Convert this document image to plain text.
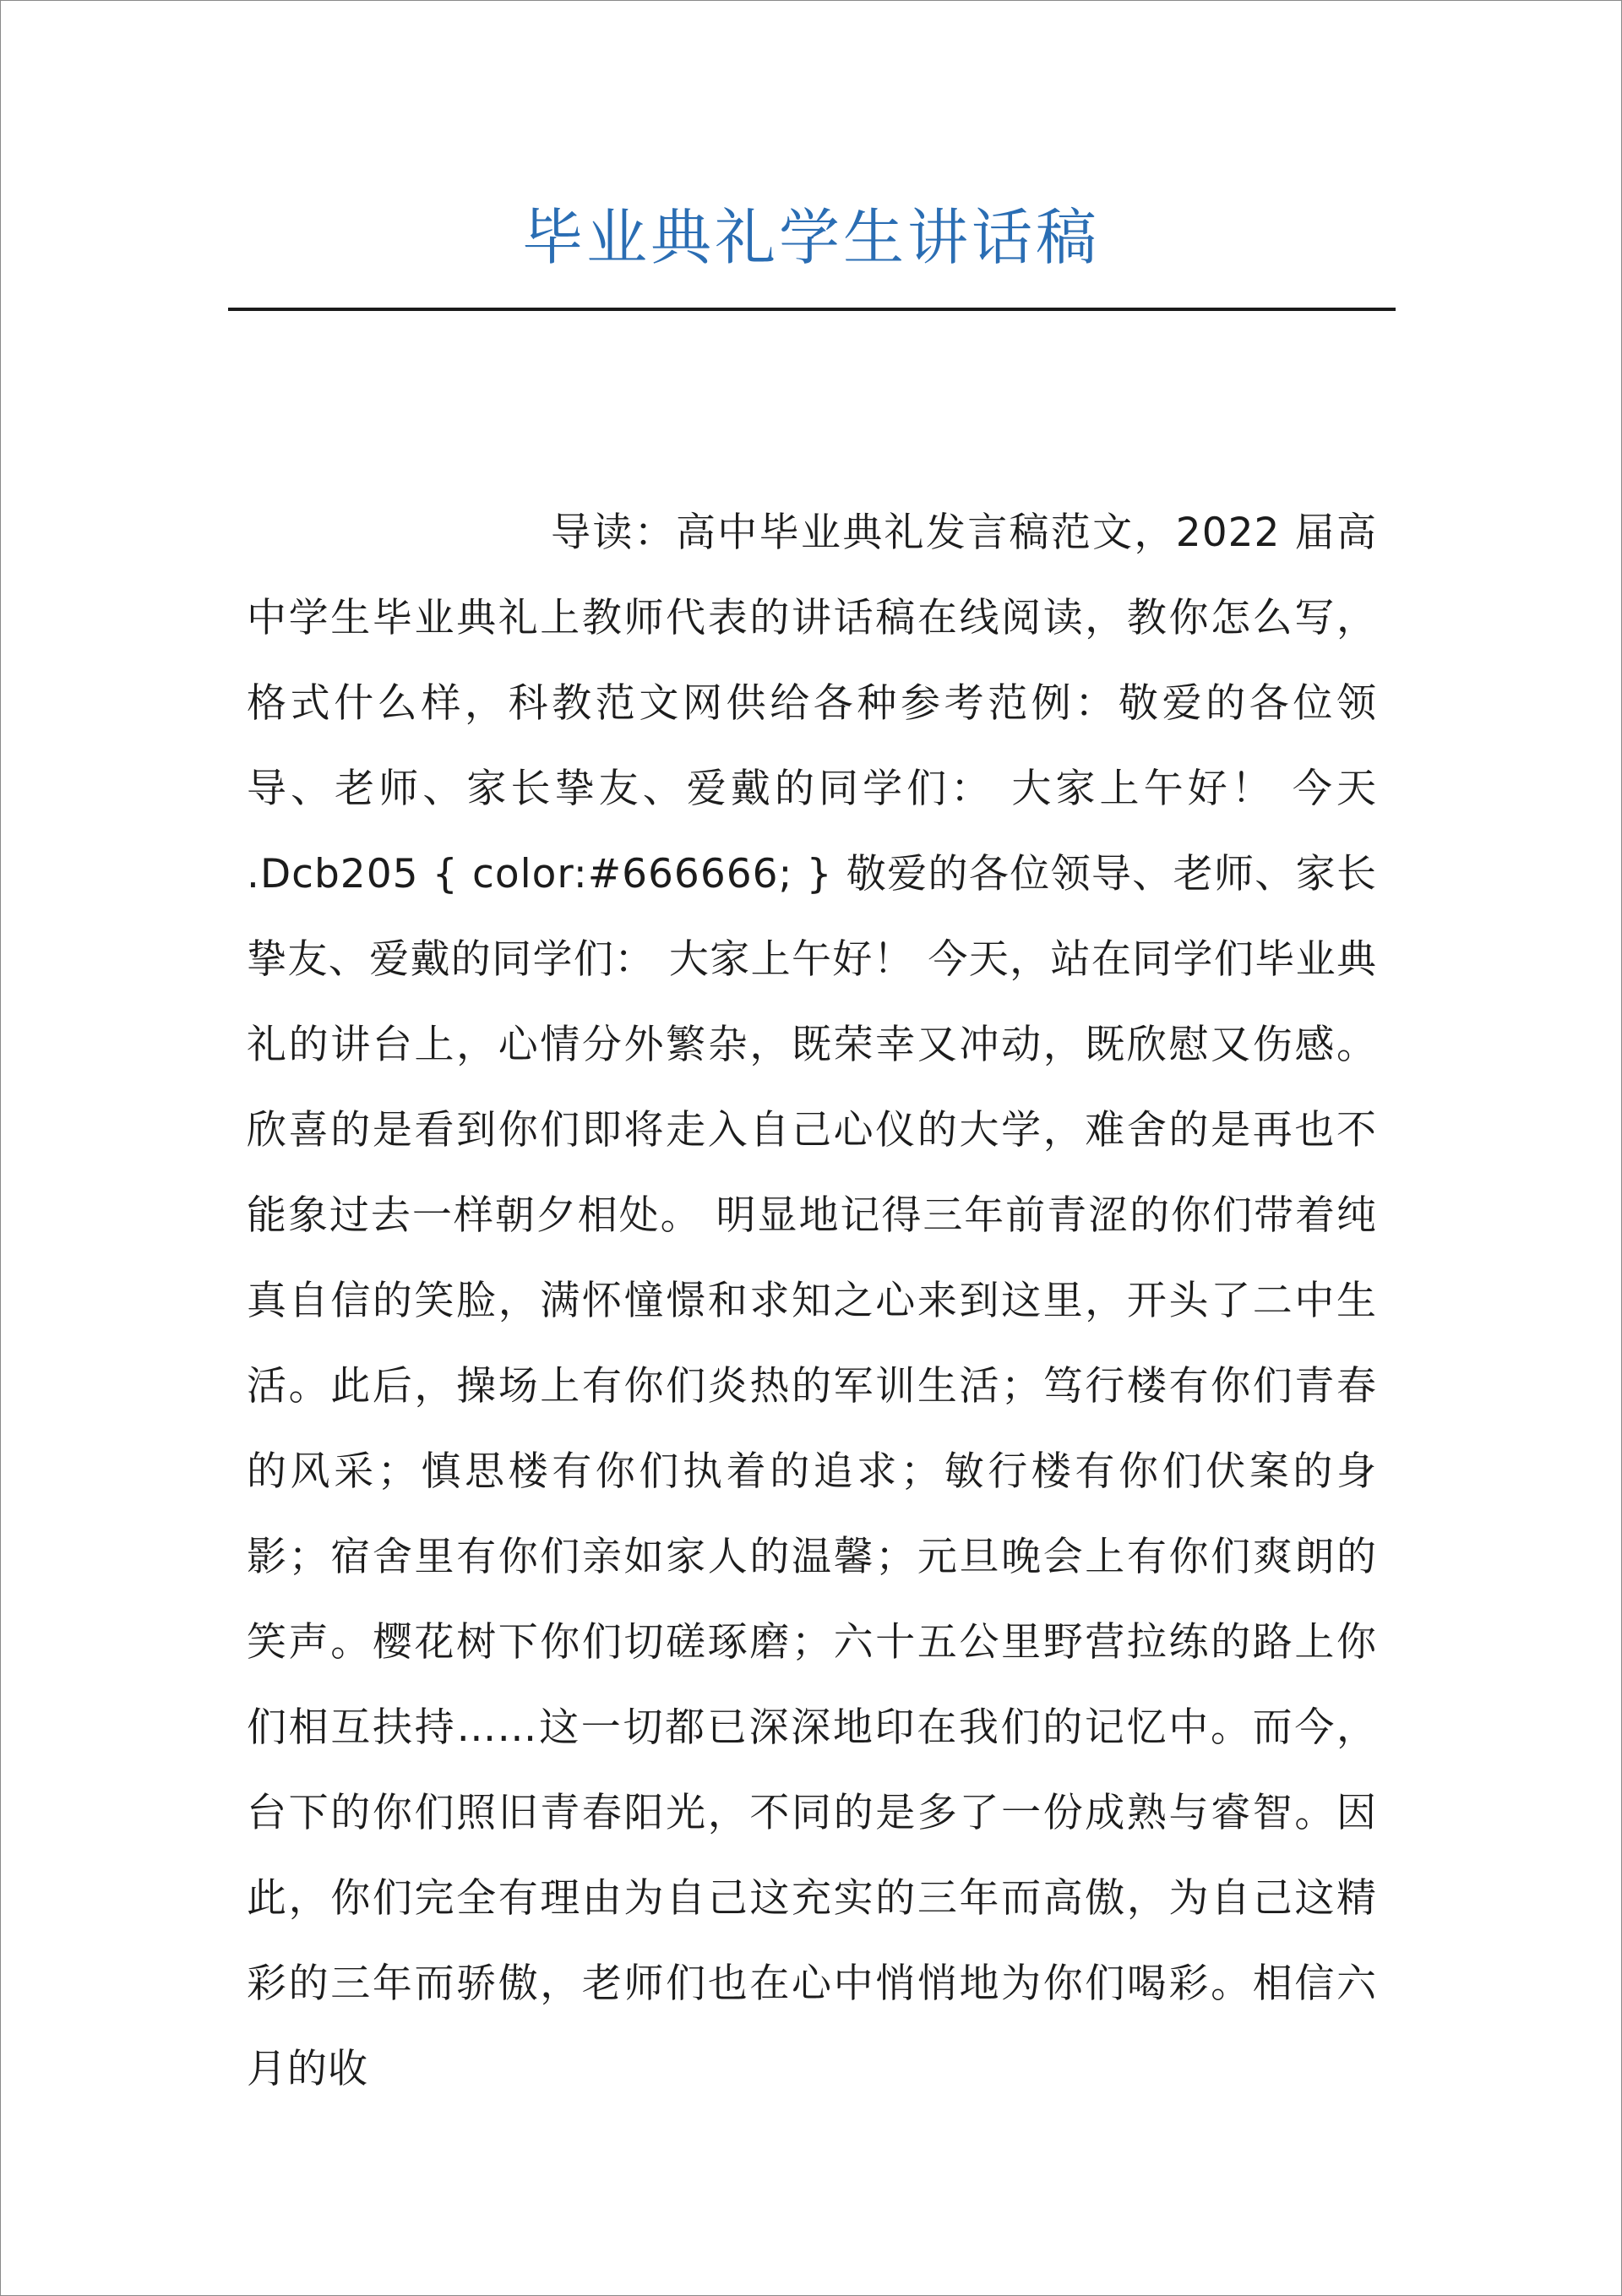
毕业典礼学生讲话稿

导读：高中毕业典礼发言稿范文，2022 届高中学生毕业典礼上教师代表的讲话稿在线阅读，教你怎么写，格式什么样，科教范文网供给各种参考范例：敬爱的各位领导、老师、家长挚友、爱戴的同学们： 大家上午好！ 今天 .Dcb205 { color:#666666; } 敬爱的各位领导、老师、家长挚友、爱戴的同学们： 大家上午好！ 今天，站在同学们毕业典礼的讲台上，心情分外繁杂，既荣幸又冲动，既欣慰又伤感。欣喜的是看到你们即将走入自己心仪的大学，难舍的是再也不能象过去一样朝夕相处。 明显地记得三年前青涩的你们带着纯真自信的笑脸，满怀憧憬和求知之心来到这里，开头了二中生活。此后，操场上有你们炎热的军训生活；笃行楼有你们青春的风采；慎思楼有你们执着的追求；敏行楼有你们伏案的身影；宿舍里有你们亲如家人的温馨；元旦晚会上有你们爽朗的笑声。樱花树下你们切磋琢磨；六十五公里野营拉练的路上你们相互扶持……这一切都已深深地印在我们的记忆中。而今，台下的你们照旧青春阳光，不同的是多了一份成熟与睿智。因此，你们完全有理由为自己这充实的三年而高傲，为自己这精彩的三年而骄傲，老师们也在心中悄悄地为你们喝彩。相信六月的收
